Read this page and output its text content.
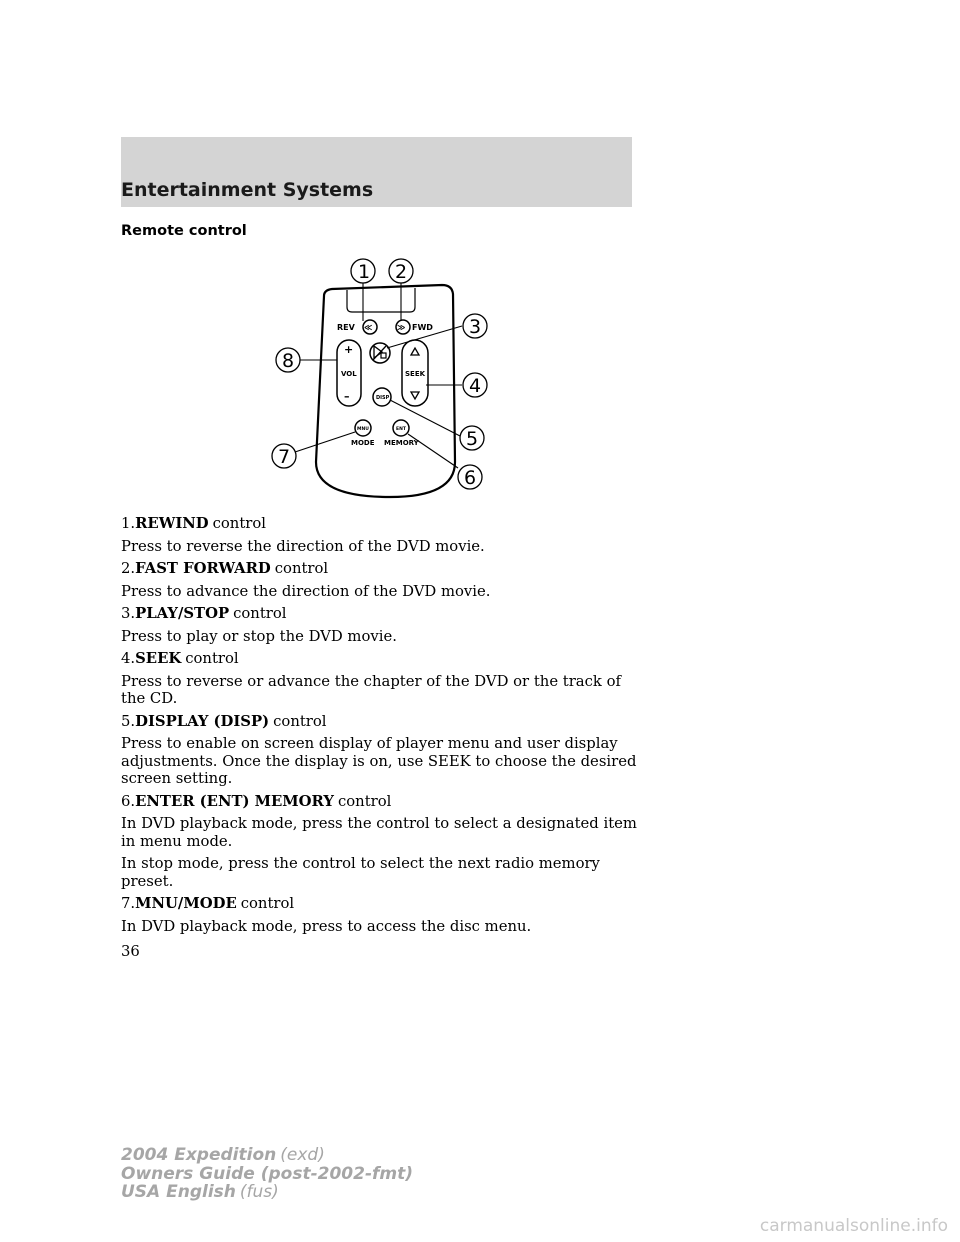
Entertainment Systems
Remote control
REV ≪	≫ FWD
+
VOL
–	DISP
SEEK
MNU	ENT
MODE MEMORY
1 2
3
4
5
6
7
8

1.REWIND control

Press to reverse the direction of the DVD movie.

2.FAST FORWARD control

Press to advance the direction of the DVD movie.

3.PLAY/STOP control

Press to play or stop the DVD movie.

4.SEEK control

Press to reverse or advance the chapter of the DVD or the track of the CD.

5.DISPLAY (DISP) control

Press to enable on screen display of player menu and user display adjustments. Once the display is on, use SEEK to choose the desired screen setting.

6.ENTER (ENT) MEMORY control

In DVD playback mode, press the control to select a designated item in menu mode.

In stop mode, press the control to select the next radio memory preset.

7.MNU/MODE control

In DVD playback mode, press to access the disc menu.

36
2004 Expedition (exd)
Owners Guide (post-2002-fmt)
USA English (fus)
carmanualsonline.info
